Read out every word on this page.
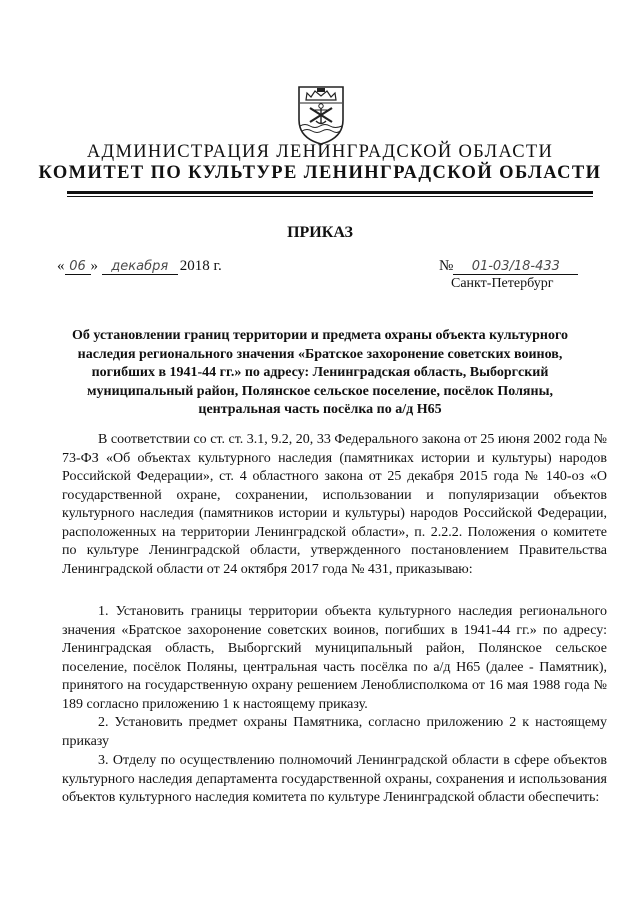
АДМИНИСТРАЦИЯ ЛЕНИНГРАДСКОЙ ОБЛАСТИ
КОМИТЕТ ПО КУЛЬТУРЕ ЛЕНИНГРАДСКОЙ ОБЛАСТИ
ПРИКАЗ
« 06 » декабря 2018 г.	№ 01-03/18-433
Санкт-Петербург
Об установлении границ территории и предмета охраны объекта культурного наследия регионального значения «Братское захоронение советских воинов, погибших в 1941-44 гг.» по адресу: Ленинградская область, Выборгский муниципальный район, Полянское сельское поселение, посёлок Поляны, центральная часть посёлка по а/д Н65

В соответствии со ст. ст. 3.1, 9.2, 20, 33 Федерального закона от 25 июня 2002 года № 73-ФЗ «Об объектах культурного наследия (памятниках истории и культуры) народов Российской Федерации», ст. 4 областного закона от 25 декабря 2015 года № 140-оз «О государственной охране, сохранении, использовании и популяризации объектов культурного наследия (памятников истории и культуры) народов Российской Федерации, расположенных на территории Ленинградской области», п. 2.2.2. Положения о комитете по культуре Ленинградской области, утвержденного постановлением Правительства Ленинградской области от 24 октября 2017 года № 431, приказываю:

1. Установить границы территории объекта культурного наследия регионального значения «Братское захоронение советских воинов, погибших в 1941-44 гг.» по адресу: Ленинградская область, Выборгский муниципальный район, Полянское сельское поселение, посёлок Поляны, центральная часть посёлка по а/д Н65 (далее - Памятник), принятого на государственную охрану решением Леноблисполкома от 16 мая 1988 года № 189 согласно приложению 1 к настоящему приказу.

2. Установить предмет охраны Памятника, согласно приложению 2 к настоящему приказу

3. Отделу по осуществлению полномочий Ленинградской области в сфере объектов культурного наследия департамента государственной охраны, сохранения и использования объектов культурного наследия комитета по культуре Ленинградской области обеспечить:
